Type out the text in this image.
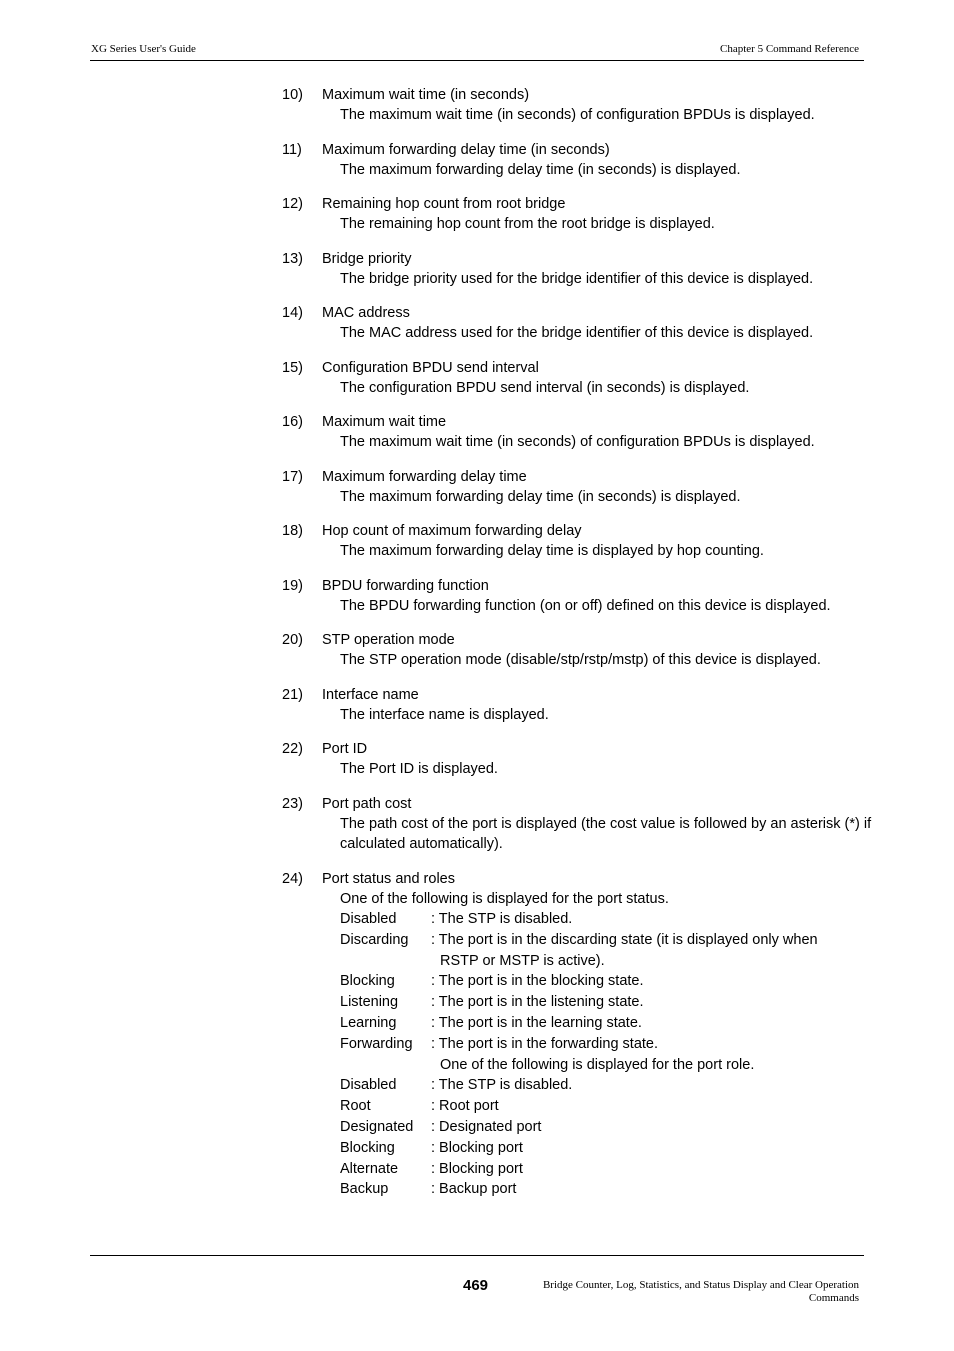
XG Series User's Guide	Chapter 5 Command Reference
10)	Maximum wait time (in seconds)
The maximum wait time (in seconds) of configuration BPDUs is displayed.
11)	Maximum forwarding delay time (in seconds)
The maximum forwarding delay time (in seconds) is displayed.
12)	Remaining hop count from root bridge
The remaining hop count from the root bridge is displayed.
13)	Bridge priority
The bridge priority used for the bridge identifier of this device is displayed.
14)	MAC address
The MAC address used for the bridge identifier of this device is displayed.
15)	Configuration BPDU send interval
The configuration BPDU send interval (in seconds) is displayed.
16)	Maximum wait time
The maximum wait time (in seconds) of configuration BPDUs is displayed.
17)	Maximum forwarding delay time
The maximum forwarding delay time (in seconds) is displayed.
18)	Hop count of maximum forwarding delay
The maximum forwarding delay time is displayed by hop counting.
19)	BPDU forwarding function
The BPDU forwarding function (on or off) defined on this device is displayed.
20)	STP operation mode
The STP operation mode (disable/stp/rstp/mstp) of this device is displayed.
21)	Interface name
The interface name is displayed.
22)	Port ID
The Port ID is displayed.
23)	Port path cost
The path cost of the port is displayed (the cost value is followed by an asterisk (*) if calculated automatically).
24)	Port status and roles
One of the following is displayed for the port status.
Disabled	: The STP is disabled.
Discarding	: The port is in the discarding state (it is displayed only when
RSTP or MSTP is active).
Blocking	: The port is in the blocking state.
Listening	: The port is in the listening state.
Learning	: The port is in the learning state.
Forwarding	: The port is in the forwarding state.
One of the following is displayed for the port role.
Disabled	: The STP is disabled.
Root	: Root port
Designated	: Designated port
Blocking	: Blocking port
Alternate	: Blocking port
Backup	: Backup port
469	Bridge Counter, Log, Statistics, and Status Display and Clear Operation
Commands
